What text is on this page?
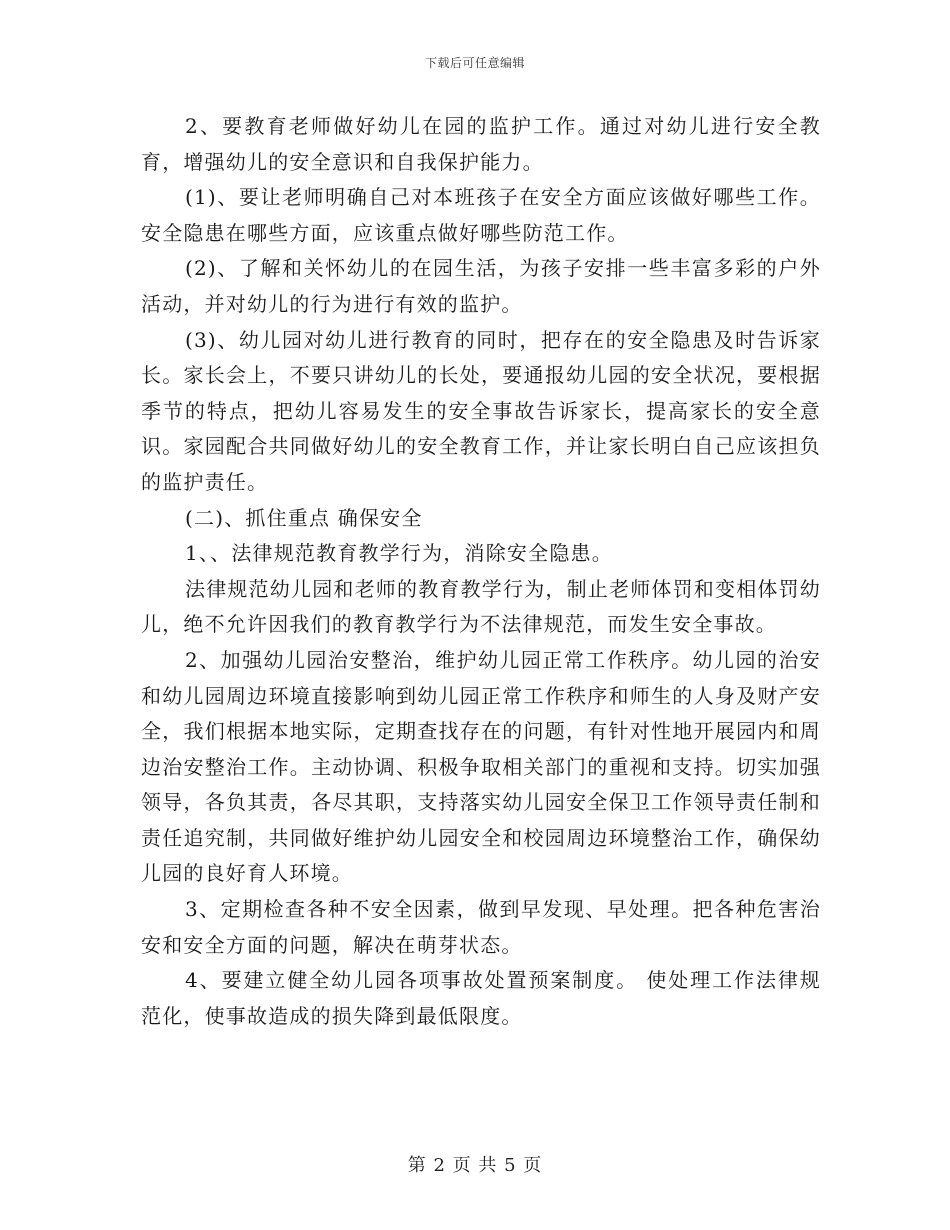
下载后可任意编辑

2、要教育老师做好幼儿在园的监护工作。通过对幼儿进行安全教育，增强幼儿的安全意识和自我保护能力。

(1)、要让老师明确自己对本班孩子在安全方面应该做好哪些工作。安全隐患在哪些方面，应该重点做好哪些防范工作。

(2)、了解和关怀幼儿的在园生活，为孩子安排一些丰富多彩的户外活动，并对幼儿的行为进行有效的监护。

(3)、幼儿园对幼儿进行教育的同时，把存在的安全隐患及时告诉家长。家长会上，不要只讲幼儿的长处，要通报幼儿园的安全状况，要根据季节的特点，把幼儿容易发生的安全事故告诉家长，提高家长的安全意识。家园配合共同做好幼儿的安全教育工作，并让家长明白自己应该担负的监护责任。

(二)、抓住重点 确保安全

1、、法律规范教育教学行为，消除安全隐患。

法律规范幼儿园和老师的教育教学行为，制止老师体罚和变相体罚幼儿，绝不允许因我们的教育教学行为不法律规范，而发生安全事故。

2、加强幼儿园治安整治，维护幼儿园正常工作秩序。幼儿园的治安和幼儿园周边环境直接影响到幼儿园正常工作秩序和师生的人身及财产安全，我们根据本地实际，定期查找存在的问题，有针对性地开展园内和周边治安整治工作。主动协调、积极争取相关部门的重视和支持。切实加强领导，各负其责，各尽其职，支持落实幼儿园安全保卫工作领导责任制和责任追究制，共同做好维护幼儿园安全和校园周边环境整治工作，确保幼儿园的良好育人环境。

3、定期检查各种不安全因素，做到早发现、早处理。把各种危害治安和安全方面的问题，解决在萌芽状态。

4、要建立健全幼儿园各项事故处置预案制度。 使处理工作法律规范化，使事故造成的损失降到最低限度。

第 2 页 共 5 页
